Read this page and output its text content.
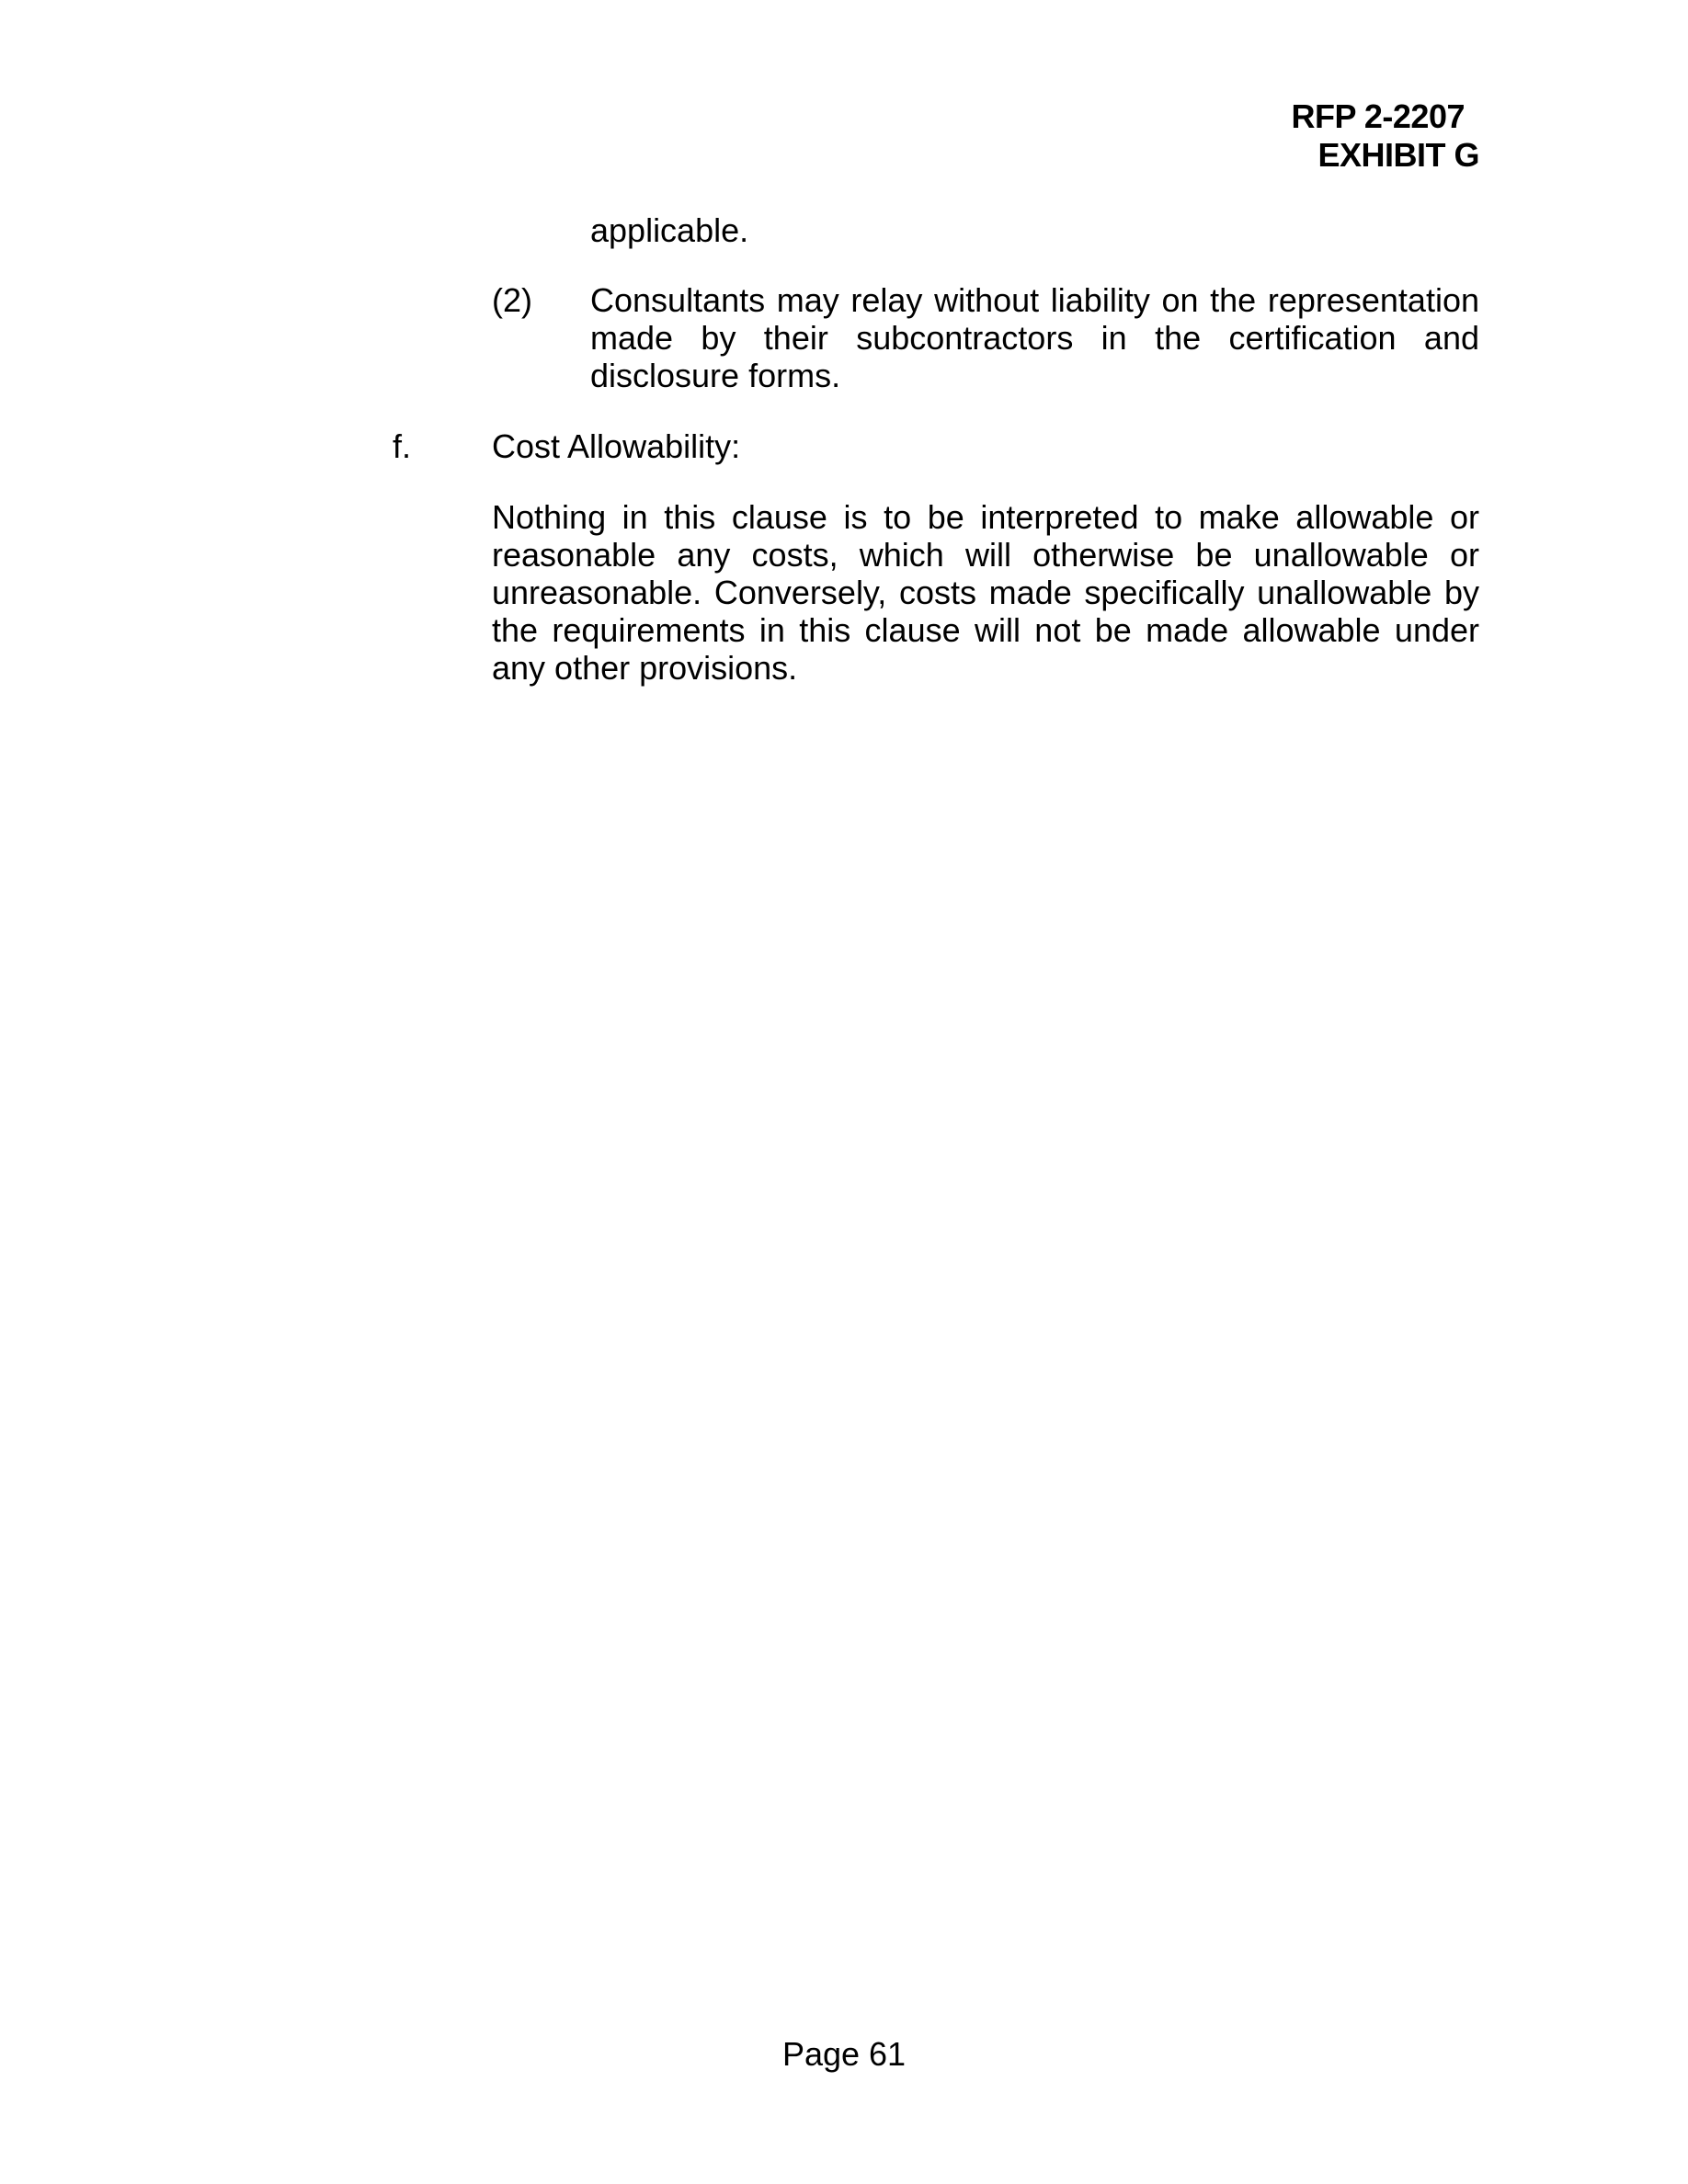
RFP 2-2207
EXHIBIT G
applicable.
(2) Consultants may relay without liability on the representation made by their subcontractors in the certification and disclosure forms.
f. Cost Allowability:
Nothing in this clause is to be interpreted to make allowable or reasonable any costs, which will otherwise be unallowable or unreasonable. Conversely, costs made specifically unallowable by the requirements in this clause will not be made allowable under any other provisions.
Page 61
